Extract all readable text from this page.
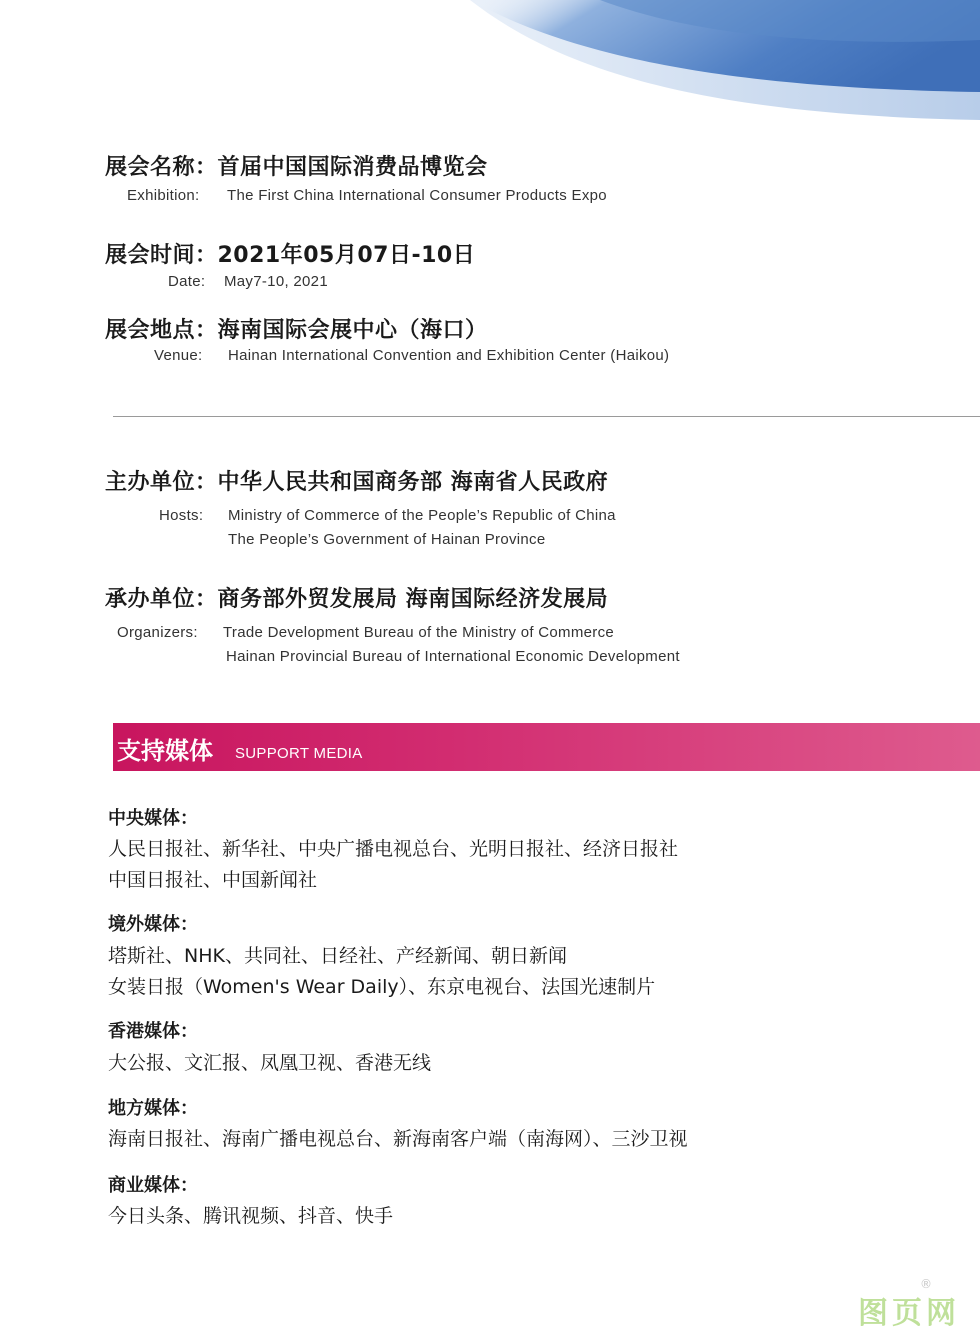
展会名称：首届中国国际消费品博览会
Exhibition: The First China International Consumer Products Expo
展会时间：2021年05月07日-10日
Date: May7-10, 2021
展会地点：海南国际会展中心（海口）
Venue: Hainan International Convention and Exhibition Center (Haikou)
主办单位：中华人民共和国商务部 海南省人民政府
Hosts: Ministry of Commerce of the People’s Republic of China
The People’s Government of Hainan Province
承办单位：商务部外贸发展局 海南国际经济发展局
Organizers: Trade Development Bureau of the Ministry of Commerce
Hainan Provincial Bureau of International Economic Development
支持媒体 SUPPORT MEDIA
中央媒体：
人民日报社、新华社、中央广播电视总台、光明日报社、经济日报社
中国日报社、中国新闻社
境外媒体：
塔斯社、NHK、共同社、日经社、产经新闻、朝日新闻
女装日报（Women's Wear Daily）、东京电视台、法国光速制片
香港媒体：
大公报、文汇报、凤凰卫视、香港无线
地方媒体：
海南日报社、海南广播电视总台、新海南客户端（南海网）、三沙卫视
商业媒体：
今日头条、腾讯视频、抖音、快手
图页网
®
